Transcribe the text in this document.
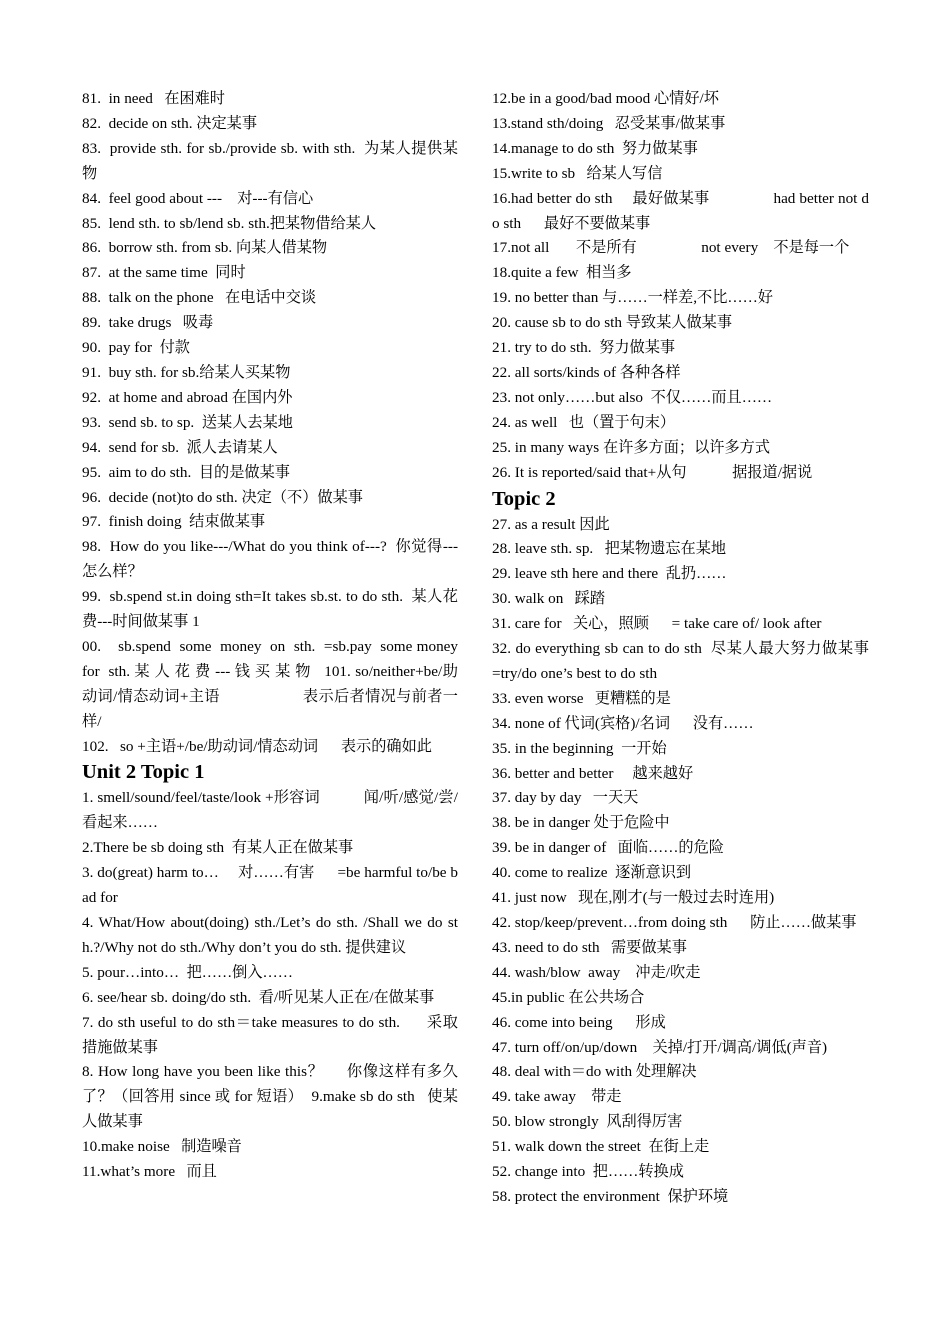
81.  in need   在困难时
82.  decide on sth. 决定某事
83.  provide sth. for sb./provide sb. with sth.  为某人提供某物
84.  feel good about ---    对---有信心
85.  lend sth. to sb/lend sb. sth.把某物借给某人
86.  borrow sth. from sb. 向某人借某物
87.  at the same time  同时
88.  talk on the phone   在电话中交谈
89.  take drugs   吸毒
90.  pay for  付款
91.  buy sth. for sb.给某人买某物
92.  at home and abroad 在国内外
93.  send sb. to sp.  送某人去某地
94.  send for sb.  派人去请某人
95.  aim to do sth.  目的是做某事
96.  decide (not)to do sth. 决定（不）做某事
97.  finish doing  结束做某事
98.  How do you like---/What do you think of---?  你觉得---怎么样？
99.  sb.spend st.in doing sth=It takes sb.st. to do sth.  某人花费---时间做某事 1
00.    sb.spend  some  money  on  sth.  =sb.pay  some money  for  sth. 某 人 花 费 --- 钱 买 某 物   101. so/neither+be/助动词/情态动词+主语                    表示后者情况与前者一样/
102.   so +主语+/be/助动词/情态动词      表示的确如此
Unit 2 Topic 1
1. smell/sound/feel/taste/look +形容词           闻/听/感觉/尝/看起来……
2.There be sb doing sth  有某人正在做某事
3. do(great) harm to…     对……有害      =be harmful to/be bad for
4. What/How about(doing) sth./Let’s do sth. /Shall we do sth.?/Why not do sth./Why don’t you do sth. 提供建议
5. pour…into…  把……倒入……
6. see/hear sb. doing/do sth.  看/听见某人正在/在做某事
7. do sth useful to do sth＝take measures to do sth.      采取措施做某事
8. How long have you been like this？     你像这样有多久了？（回答用 since 或 for 短语）  9.make sb do sth   使某人做某事
10.make noise   制造噪音
11.what’s more   而且
12.be in a good/bad mood 心情好/坏
13.stand sth/doing   忍受某事/做某事
14.manage to do sth  努力做某事
15.write to sb   给某人写信
16.had better do sth     最好做某事                had better not do sth      最好不要做某事
17.not all       不是所有                 not every    不是每一个
18.quite a few  相当多
19. no better than 与……一样差,不比……好
20. cause sb to do sth 导致某人做某事
21. try to do sth.  努力做某事
22. all sorts/kinds of 各种各样
23. not only……but also  不仅……而且……
24. as well   也（置于句末）
25. in many ways 在许多方面；以许多方式
26. It is reported/said that+从句            据报道/据说
Topic 2
27. as a result 因此
28. leave sth. sp.   把某物遗忘在某地
29. leave sth here and there  乱扔……
30. walk on   踩踏
31. care for   关心，照顾      = take care of/ look after
32. do everything sb can to do sth  尽某人最大努力做某事         =try/do one’s best to do sth
33. even worse   更糟糕的是
34. none of 代词(宾格)/名词      没有……
35. in the beginning  一开始
36. better and better     越来越好
37. day by day   一天天
38. be in danger 处于危险中
39. be in danger of   面临……的危险
40. come to realize  逐渐意识到
41. just now   现在,刚才(与一般过去时连用)
42. stop/keep/prevent…from doing sth      防止……做某事
43. need to do sth   需要做某事
44. wash/blow  away    冲走/吹走
45.in public 在公共场合
46. come into being      形成
47. turn off/on/up/down    关掉/打开/调高/调低(声音)
48. deal with＝do with 处理解决
49. take away    带走
50. blow strongly  风刮得厉害
51. walk down the street  在街上走
52. change into  把……转换成
58. protect the environment  保护环境
